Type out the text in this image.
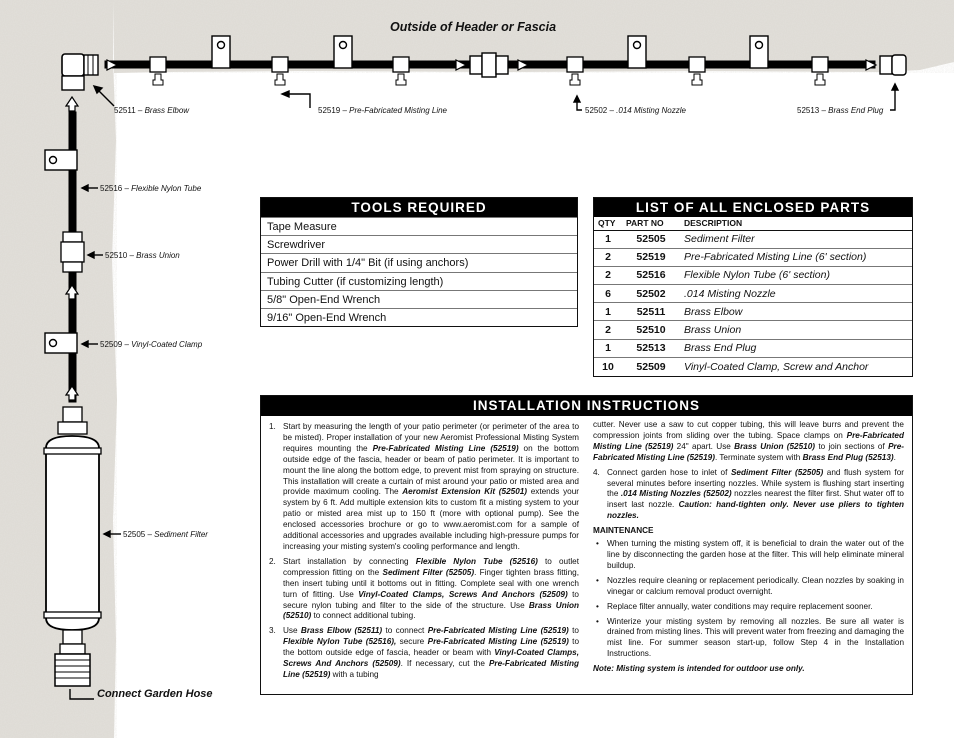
Outside of Header or Fascia
52511 – Brass Elbow	52519 – Pre-Fabricated Misting Line	52502 – .014 Misting Nozzle	52513 – Brass End Plug
52516 – Flexible Nylon Tube
52510 – Brass Union
52509 – Vinyl-Coated Clamp
52505 – Sediment Filter
Connect Garden Hose
TOOLS REQUIRED
Tape Measure
Screwdriver
Power Drill with 1/4" Bit (if using anchors)
Tubing Cutter (if customizing length)
5/8" Open-End Wrench
9/16" Open-End Wrench
LIST OF ALL ENCLOSED PARTS
QTY	PART NO	DESCRIPTION
1	52505	Sediment Filter
2	52519	Pre-Fabricated Misting Line (6' section)
2	52516	Flexible Nylon Tube (6' section)
6	52502	.014 Misting Nozzle
1	52511	Brass Elbow
2	52510	Brass Union
1	52513	Brass End Plug
10	52509	Vinyl-Coated Clamp, Screw and Anchor
INSTALLATION INSTRUCTIONS
1. Start by measuring the length of your patio perimeter (or perimeter of the area to be misted). Proper installation of your new Aeromist Professional Misting System requires mounting the Pre-Fabricated Misting Line (52519) on the bottom outside edge of the fascia, header or beam of patio perimeter. It is important to mount the line along the bottom edge, to prevent mist from spraying on structure. This installation will create a curtain of mist around your patio or misted area and provide maximum cooling. The Aeromist Extension Kit (52501) extends your system by 6 ft. Add multiple extension kits to custom fit a misting system to your patio or misted area mist up to 150 ft (more with optional pump). See the enclosed accessories brochure or go to www.aeromist.com for a sample of additional accessories and upgrades available including high-pressure pumps for increasing your misting system's cooling performance and length.
2. Start installation by connecting Flexible Nylon Tube (52516) to outlet compression fitting on the Sediment Filter (52505). Finger tighten brass fitting, then insert tubing until it bottoms out in fitting. Complete seal with one wrench turn of fitting. Use Vinyl-Coated Clamps, Screws And Anchors (52509) to secure nylon tubing and filter to the side of the structure. Use Brass Union (52510) to connect additional tubing.
3. Use Brass Elbow (52511) to connect Pre-Fabricated Misting Line (52519) to Flexible Nylon Tube (52516), secure Pre-Fabricated Misting Line (52519) to the bottom outside edge of fascia, header or beam with Vinyl-Coated Clamps, Screws And Anchors (52509). If necessary, cut the Pre-Fabricated Misting Line (52519) with a tubing
cutter. Never use a saw to cut copper tubing, this will leave burrs and prevent the compression joints from sliding over the tubing. Space clamps on Pre-Fabricated Misting Line (52519) 24" apart. Use Brass Union (52510) to join sections of Pre-Fabricated Misting Line (52519). Terminate system with Brass End Plug (52513).
4. Connect garden hose to inlet of Sediment Filter (52505) and flush system for several minutes before inserting nozzles. While system is flushing start inserting the .014 Misting Nozzles (52502) nozzles nearest the filter first. Shut water off to insert last nozzle. Caution: hand-tighten only. Never use pliers to tighten nozzles.
MAINTENANCE
• When turning the misting system off, it is beneficial to drain the water out of the line by disconnecting the garden hose at the filter. This will help eliminate mineral buildup.
• Nozzles require cleaning or replacement periodically. Clean nozzles by soaking in vinegar or calcium removal product overnight.
• Replace filter annually, water conditions may require replacement sooner.
• Winterize your misting system by removing all nozzles. Be sure all water is drained from misting lines. This will prevent water from freezing and damaging the mist line. For summer season start-up, follow Step 4 in the Installation Instructions.
Note: Misting system is intended for outdoor use only.
